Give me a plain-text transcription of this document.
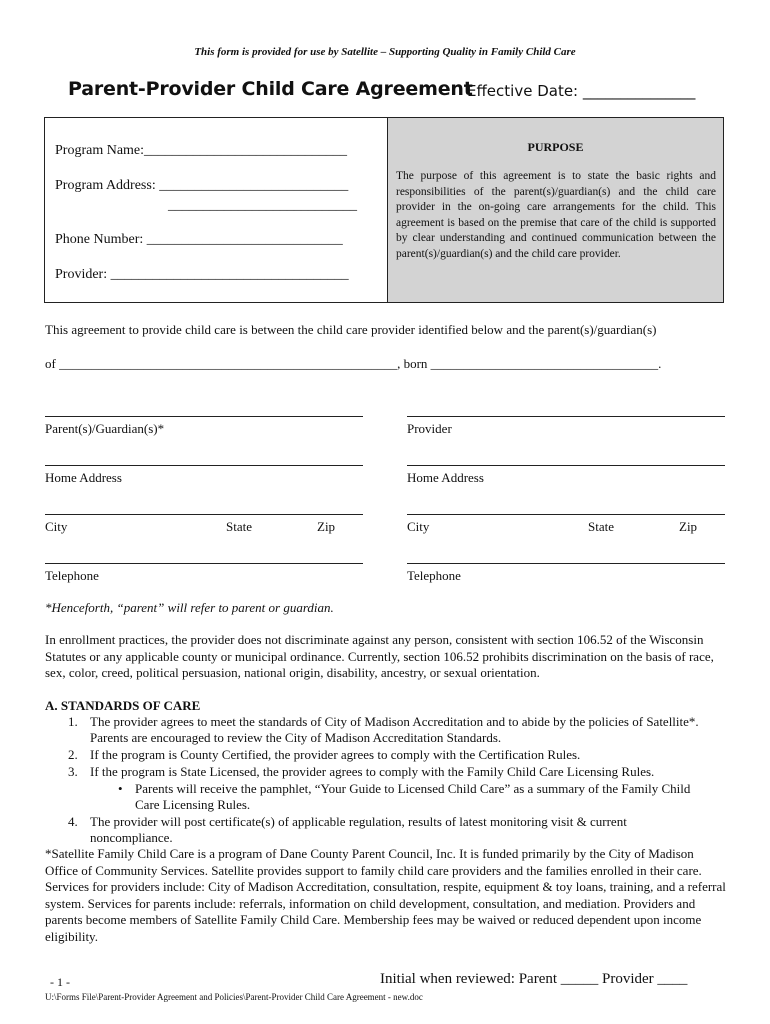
This form is provided for use by Satellite – Supporting Quality in Family Child Care
Parent-Provider Child Care Agreement
Effective Date: _______________
Program Name:_____________________________
Program Address: ___________________________
___________________________
Phone Number: ____________________________
Provider: __________________________________
PURPOSE
The purpose of this agreement is to state the basic rights and responsibilities of the parent(s)/guardian(s) and the child care provider in the on-going care arrangements for the child. This agreement is based on the premise that care of the child is supported by clear understanding and continued communication between the parent(s)/guardian(s) and the child care provider.
This agreement to provide child care is between the child care provider identified below and the parent(s)/guardian(s)
of ____________________________________________________, born ___________________________________.
Parent(s)/Guardian(s)*	Provider
Home Address	Home Address
City	State	Zip	City	State	Zip
Telephone	Telephone
*Henceforth, “parent” will refer to parent or guardian.
In enrollment practices, the provider does not discriminate against any person, consistent with section 106.52 of the Wisconsin Statutes or any applicable county or municipal ordinance. Currently, section 106.52 prohibits discrimination on the basis of race, sex, color, creed, political persuasion, national origin, disability, ancestry, or sexual orientation.
A. STANDARDS OF CARE
1. The provider agrees to meet the standards of City of Madison Accreditation and to abide by the policies of Satellite*. Parents are encouraged to review the City of Madison Accreditation Standards.
2. If the program is County Certified, the provider agrees to comply with the Certification Rules.
3. If the program is State Licensed, the provider agrees to comply with the Family Child Care Licensing Rules.
• Parents will receive the pamphlet, “Your Guide to Licensed Child Care” as a summary of the Family Child Care Licensing Rules.
4. The provider will post certificate(s) of applicable regulation, results of latest monitoring visit & current noncompliance.
*Satellite Family Child Care is a program of Dane County Parent Council, Inc. It is funded primarily by the City of Madison Office of Community Services. Satellite provides support to family child care providers and the families enrolled in their care. Services for providers include: City of Madison Accreditation, consultation, respite, equipment & toy loans, training, and a referral system. Services for parents include: referrals, information on child development, consultation, and mediation. Providers and parents become members of Satellite Family Child Care. Membership fees may be waived or reduced dependent upon income eligibility.
- 1 -	Initial when reviewed: Parent _____ Provider ____
U:\Forms File\Parent-Provider Agreement and Policies\Parent-Provider Child Care Agreement - new.doc
